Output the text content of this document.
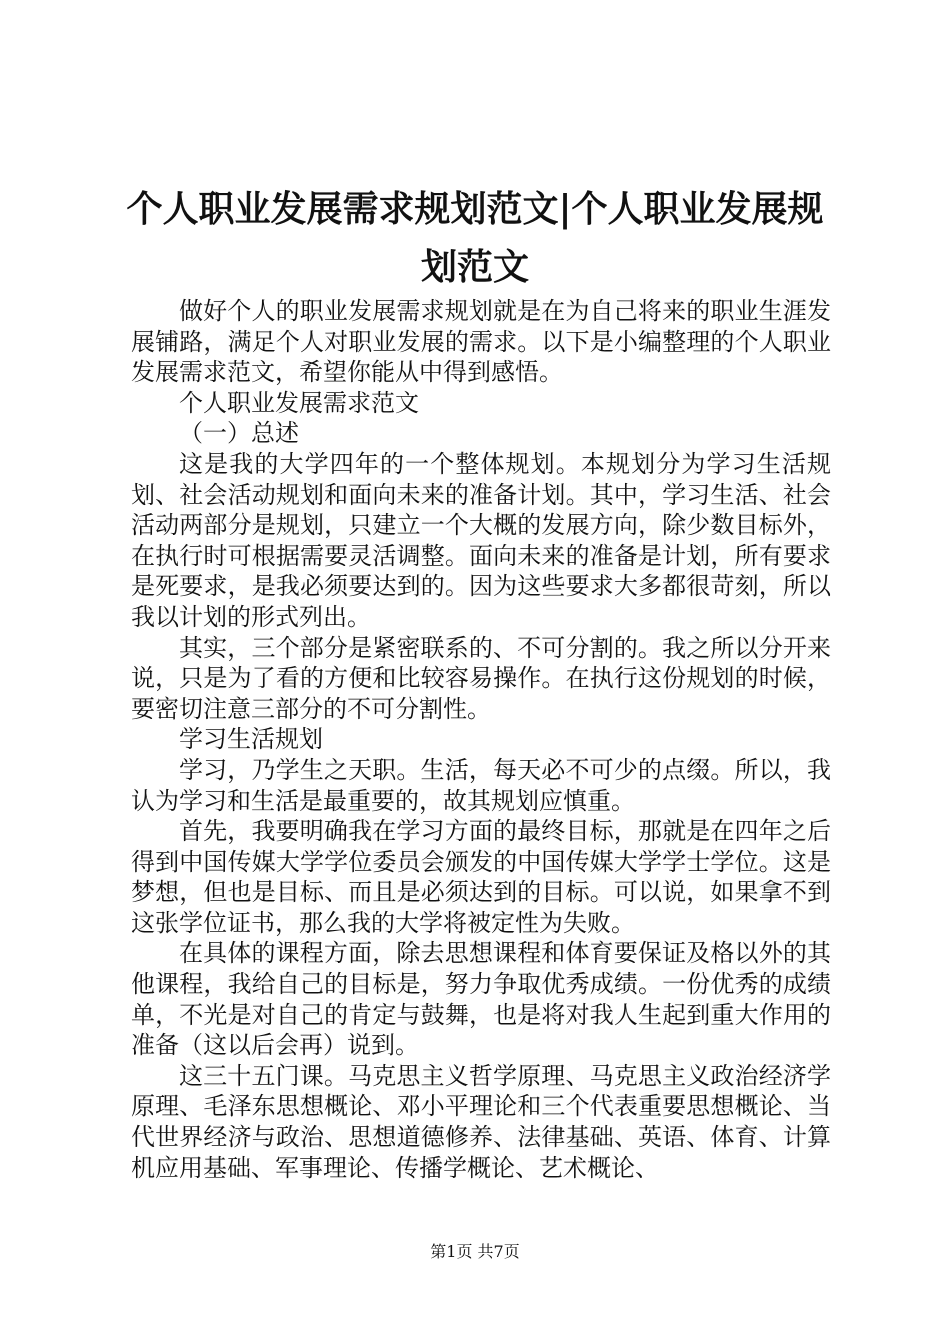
个人职业发展需求规划范文|个人职业发展规
划范文

做好个人的职业发展需求规划就是在为自己将来的职业生涯发展铺路，满足个人对职业发展的需求。以下是小编整理的个人职业发展需求范文，希望你能从中得到感悟。

个人职业发展需求范文

（一）总述

这是我的大学四年的一个整体规划。本规划分为学习生活规划、社会活动规划和面向未来的准备计划。其中，学习生活、社会活动两部分是规划，只建立一个大概的发展方向，除少数目标外，在执行时可根据需要灵活调整。面向未来的准备是计划，所有要求是死要求，是我必须要达到的。因为这些要求大多都很苛刻，所以我以计划的形式列出。

其实，三个部分是紧密联系的、不可分割的。我之所以分开来说，只是为了看的方便和比较容易操作。在执行这份规划的时候，要密切注意三部分的不可分割性。

学习生活规划

学习，乃学生之天职。生活，每天必不可少的点缀。所以，我认为学习和生活是最重要的，故其规划应慎重。

首先，我要明确我在学习方面的最终目标，那就是在四年之后得到中国传媒大学学位委员会颁发的中国传媒大学学士学位。这是梦想，但也是目标、而且是必须达到的目标。可以说，如果拿不到这张学位证书，那么我的大学将被定性为失败。

在具体的课程方面，除去思想课程和体育要保证及格以外的其他课程，我给自己的目标是，努力争取优秀成绩。一份优秀的成绩单，不光是对自己的肯定与鼓舞，也是将对我人生起到重大作用的准备（这以后会再）说到。

这三十五门课。马克思主义哲学原理、马克思主义政治经济学原理、毛泽东思想概论、邓小平理论和三个代表重要思想概论、当代世界经济与政治、思想道德修养、法律基础、英语、体育、计算机应用基础、军事理论、传播学概论、艺术概论、

第1页 共7页
